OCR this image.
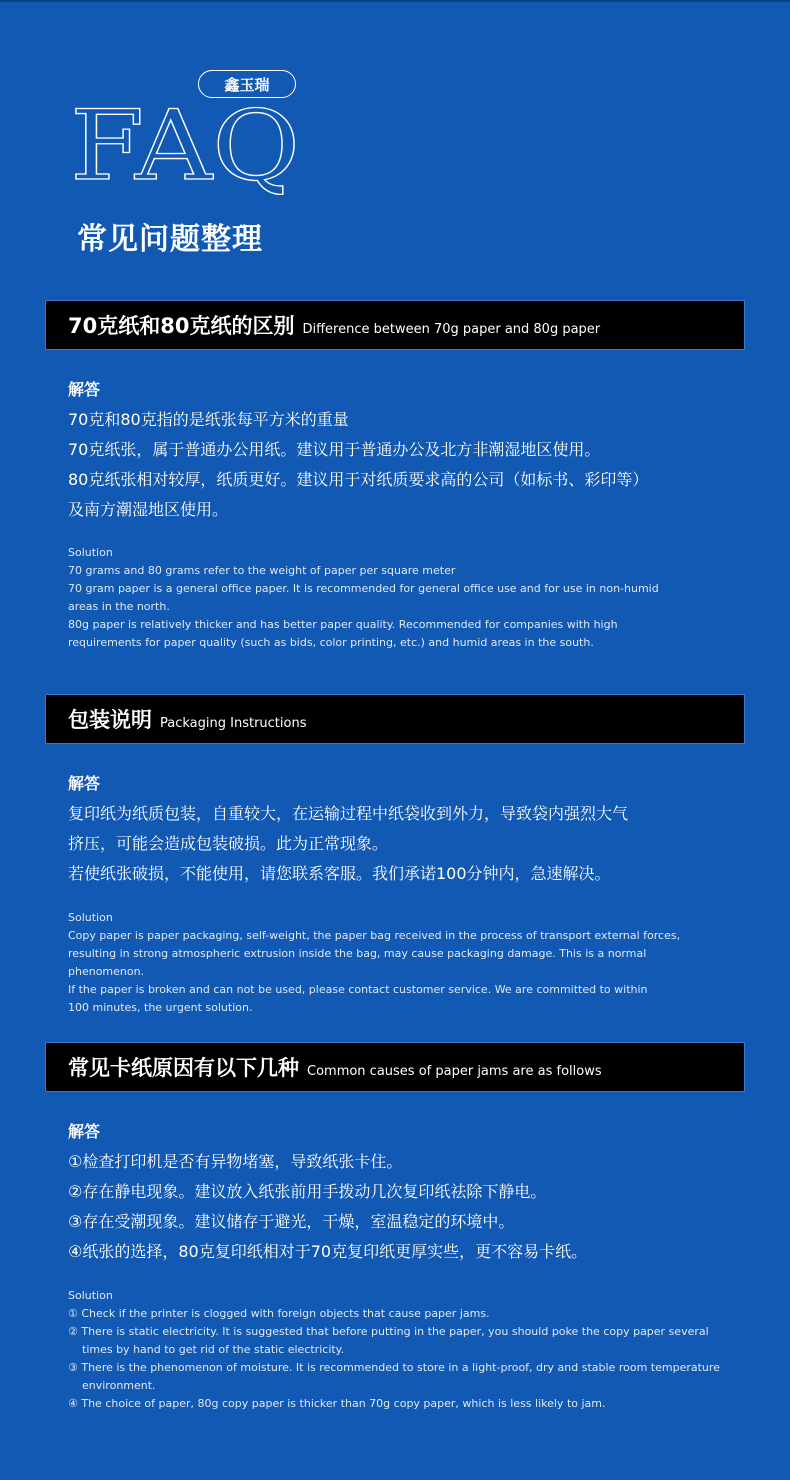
鑫玉瑞
FAQ
常见问题整理
70克纸和80克纸的区别 Difference between 70g paper and 80g paper
解答
70克和80克指的是纸张每平方米的重量
70克纸张，属于普通办公用纸。建议用于普通办公及北方非潮湿地区使用。
80克纸张相对较厚，纸质更好。建议用于对纸质要求高的公司（如标书、彩印等）
及南方潮湿地区使用。
Solution
70 grams and 80 grams refer to the weight of paper per square meter
70 gram paper is a general office paper. It is recommended for general office use and for use in non-humid
areas in the north.
80g paper is relatively thicker and has better paper quality. Recommended for companies with high
requirements for paper quality (such as bids, color printing, etc.) and humid areas in the south.
包装说明 Packaging Instructions
解答
复印纸为纸质包装，自重较大，在运输过程中纸袋收到外力，导致袋内强烈大气
挤压，可能会造成包装破损。此为正常现象。
若使纸张破损，不能使用，请您联系客服。我们承诺100分钟内，急速解决。
Solution
Copy paper is paper packaging, self-weight, the paper bag received in the process of transport external forces,
resulting in strong atmospheric extrusion inside the bag, may cause packaging damage. This is a normal
phenomenon.
If the paper is broken and can not be used, please contact customer service. We are committed to within
100 minutes, the urgent solution.
常见卡纸原因有以下几种 Common causes of paper jams are as follows
解答
①检查打印机是否有异物堵塞，导致纸张卡住。
②存在静电现象。建议放入纸张前用手拨动几次复印纸祛除下静电。
③存在受潮现象。建议储存于避光，干燥，室温稳定的环境中。
④纸张的选择，80克复印纸相对于70克复印纸更厚实些，更不容易卡纸。
Solution
① Check if the printer is clogged with foreign objects that cause paper jams.
② There is static electricity. It is suggested that before putting in the paper, you should poke the copy paper several times by hand to get rid of the static electricity.
③ There is the phenomenon of moisture. It is recommended to store in a light-proof, dry and stable room temperature environment.
④ The choice of paper, 80g copy paper is thicker than 70g copy paper, which is less likely to jam.
